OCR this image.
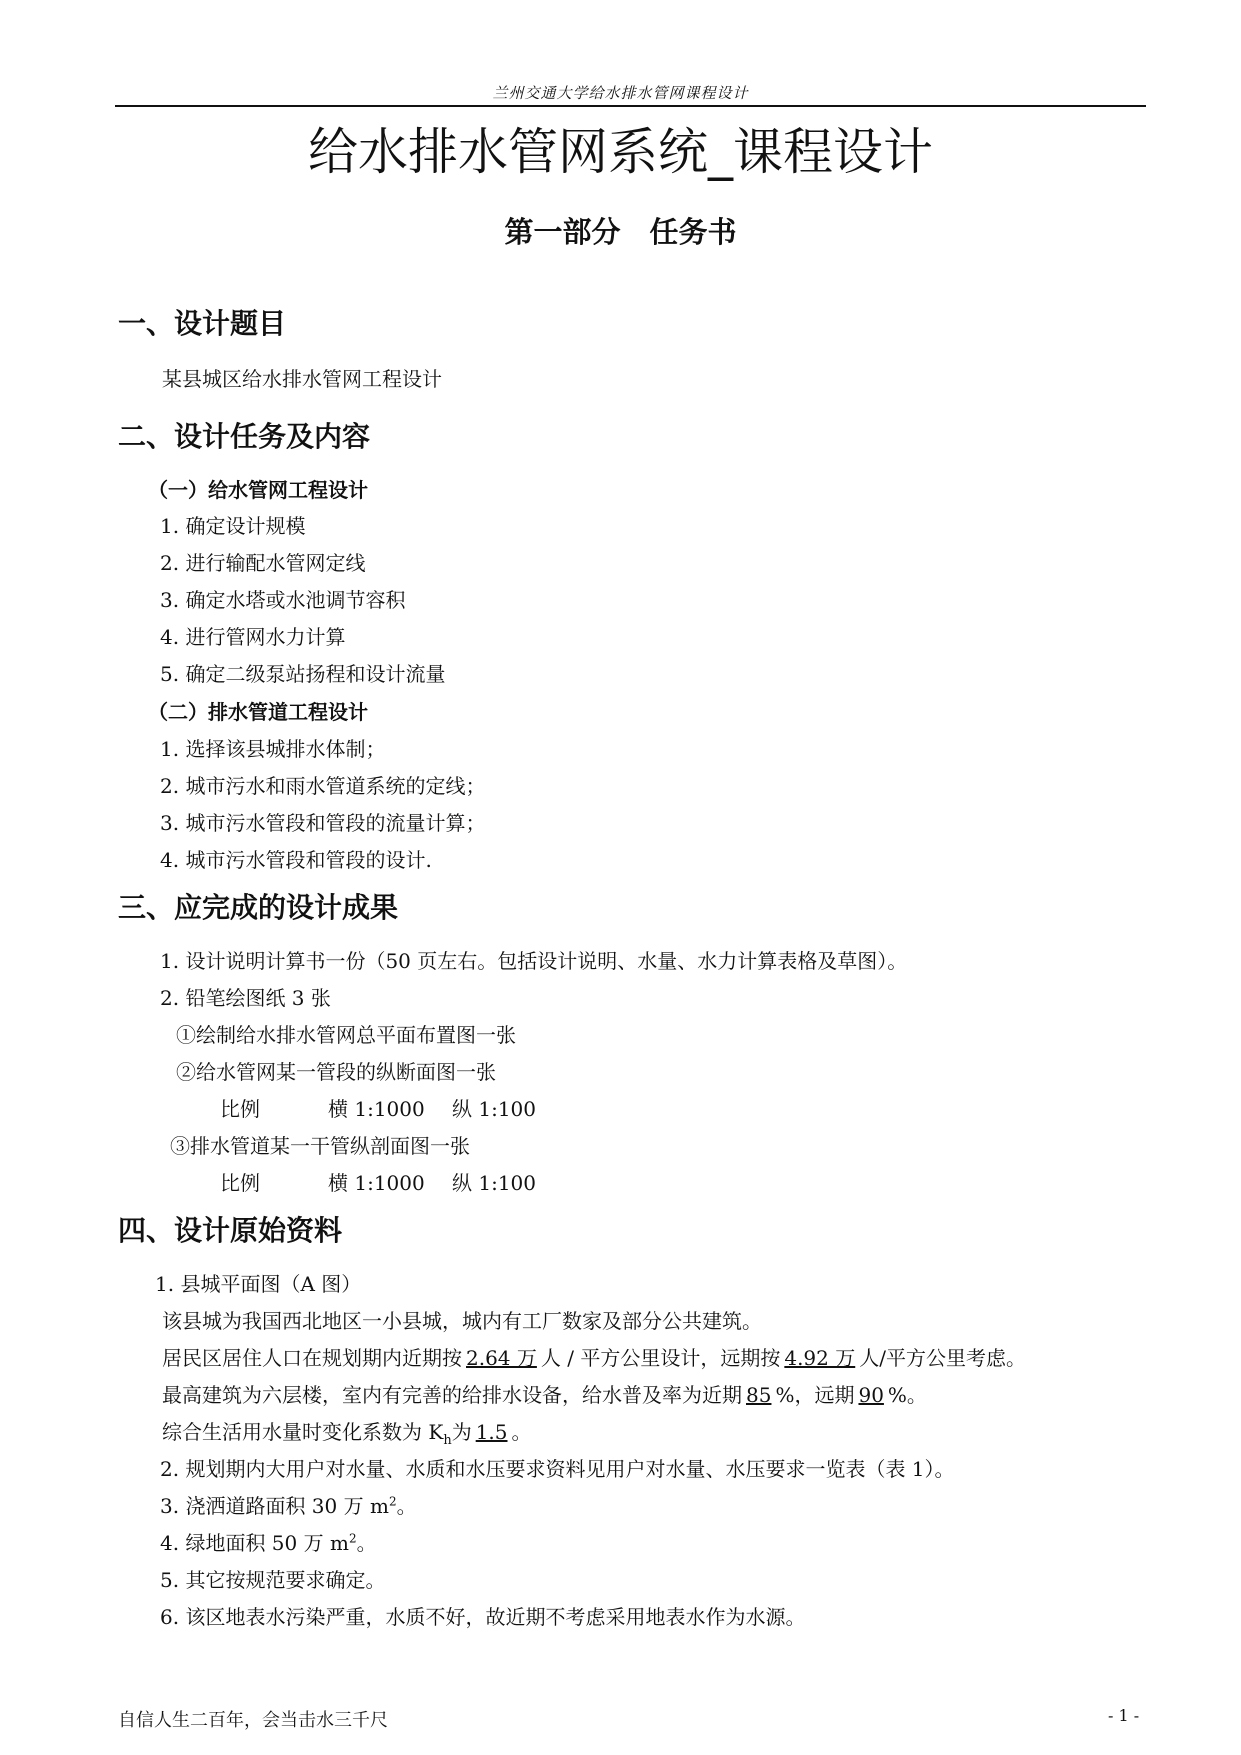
兰州交通大学给水排水管网课程设计
给水排水管网系统_课程设计
第一部分　任务书
一、设计题目
某县城区给水排水管网工程设计
二、设计任务及内容
（一）给水管网工程设计
1. 确定设计规模
2. 进行输配水管网定线
3. 确定水塔或水池调节容积
4. 进行管网水力计算
5. 确定二级泵站扬程和设计流量
（二）排水管道工程设计
1. 选择该县城排水体制；
2. 城市污水和雨水管道系统的定线；
3. 城市污水管段和管段的流量计算；
4. 城市污水管段和管段的设计.
三、应完成的设计成果
1. 设计说明计算书一份（50 页左右。包括设计说明、水量、水力计算表格及草图）。
2. 铅笔绘图纸 3 张
①绘制给水排水管网总平面布置图一张
②给水管网某一管段的纵断面图一张
比例	横 1:1000 纵 1:100
③排水管道某一干管纵剖面图一张
比例	横 1:1000 纵 1:100
四、设计原始资料
1. 县城平面图（A 图）
该县城为我国西北地区一小县城，城内有工厂数家及部分公共建筑。
居民区居住人口在规划期内近期按 2.64 万 人 / 平方公里设计，远期按 4.92 万 人/平方公里考虑。
最高建筑为六层楼，室内有完善的给排水设备，给水普及率为近期 85 %，远期 90 %。
综合生活用水量时变化系数为 $K_h$为 1.5 。
2. 规划期内大用户对水量、水质和水压要求资料见用户对水量、水压要求一览表（表 1）。
3. 浇洒道路面积 30 万 $m^2$。
4. 绿地面积 50 万 $m^2$。
5. 其它按规范要求确定。
6. 该区地表水污染严重，水质不好，故近期不考虑采用地表水作为水源。
自信人生二百年，会当击水三千尺	- 1 -
